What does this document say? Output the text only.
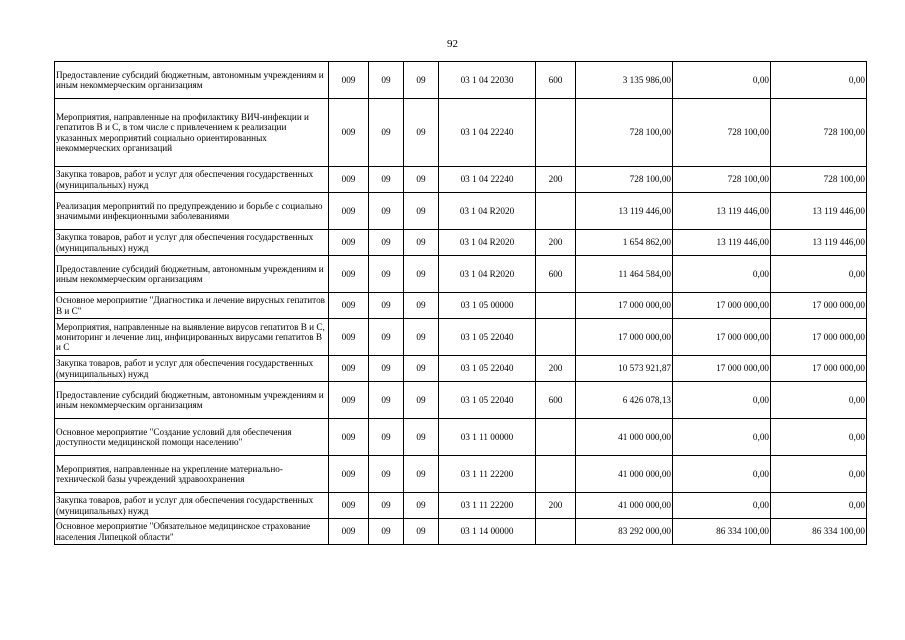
92
Предоставление субсидий бюджетным, автономным учреждениям и иным некоммерческим организациям	009	09	09	03 1 04 22030	600	3 135 986,00	0,00	0,00
Мероприятия, направленные на профилактику ВИЧ-инфекции и гепатитов В и С, в том числе с привлечением к реализации указанных мероприятий социально ориентированных некоммерческих организаций	009	09	09	03 1 04 22240		728 100,00	728 100,00	728 100,00
Закупка товаров, работ и услуг для обеспечения государственных (муниципальных) нужд	009	09	09	03 1 04 22240	200	728 100,00	728 100,00	728 100,00
Реализация мероприятий по предупреждению и борьбе с социально значимыми инфекционными заболеваниями	009	09	09	03 1 04 R2020		13 119 446,00	13 119 446,00	13 119 446,00
Закупка товаров, работ и услуг для обеспечения государственных (муниципальных) нужд	009	09	09	03 1 04 R2020	200	1 654 862,00	13 119 446,00	13 119 446,00
Предоставление субсидий бюджетным, автономным учреждениям и иным некоммерческим организациям	009	09	09	03 1 04 R2020	600	11 464 584,00	0,00	0,00
Основное мероприятие "Диагностика и лечение вирусных гепатитов В и С"	009	09	09	03 1 05 00000		17 000 000,00	17 000 000,00	17 000 000,00
Мероприятия, направленные на выявление вирусов гепатитов В и С, мониторинг и лечение лиц, инфицированных вирусами гепатитов В и С	009	09	09	03 1 05 22040		17 000 000,00	17 000 000,00	17 000 000,00
Закупка товаров, работ и услуг для обеспечения государственных (муниципальных) нужд	009	09	09	03 1 05 22040	200	10 573 921,87	17 000 000,00	17 000 000,00
Предоставление субсидий бюджетным, автономным учреждениям и иным некоммерческим организациям	009	09	09	03 1 05 22040	600	6 426 078,13	0,00	0,00
Основное мероприятие "Создание условий для обеспечения доступности медицинской помощи населению"	009	09	09	03 1 11 00000		41 000 000,00	0,00	0,00
Мероприятия, направленные на укрепление материально-технической базы учреждений здравоохранения	009	09	09	03 1 11 22200		41 000 000,00	0,00	0,00
Закупка товаров, работ и услуг для обеспечения государственных (муниципальных) нужд	009	09	09	03 1 11 22200	200	41 000 000,00	0,00	0,00
Основное мероприятие "Обязательное медицинское страхование населения Липецкой области"	009	09	09	03 1 14 00000		83 292 000,00	86 334 100,00	86 334 100,00
